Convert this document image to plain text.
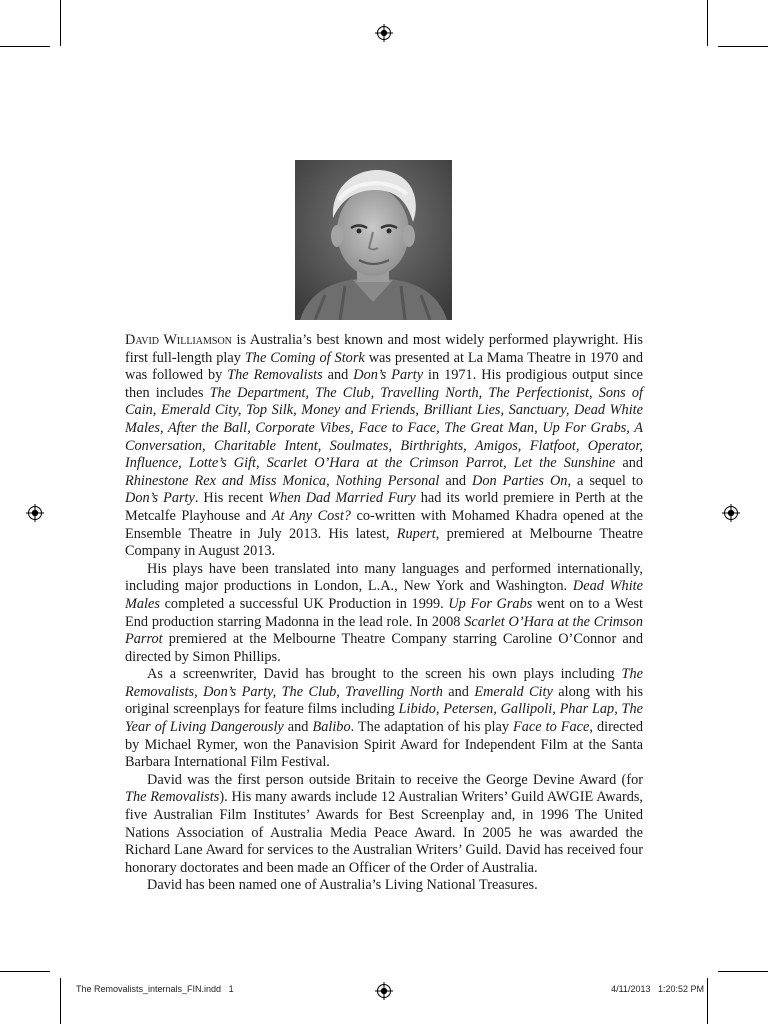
David Williamson is Australia’s best known and most widely performed playwright. His first full-length play The Coming of Stork was presented at La Mama Theatre in 1970 and was followed by The Removalists and Don’s Party in 1971. His prodigious output since then includes The Department, The Club, Travelling North, The Perfectionist, Sons of Cain, Emerald City, Top Silk, Money and Friends, Brilliant Lies, Sanctuary, Dead White Males, After the Ball, Corporate Vibes, Face to Face, The Great Man, Up For Grabs, A Conversation, Charitable Intent, Soulmates, Birthrights, Amigos, Flatfoot, Operator, Influence, Lotte’s Gift, Scarlet O’Hara at the Crimson Parrot, Let the Sunshine and Rhinestone Rex and Miss Monica, Nothing Personal and Don Parties On, a sequel to Don’s Party. His recent When Dad Married Fury had its world premiere in Perth at the Metcalfe Playhouse and At Any Cost? co-written with Mohamed Khadra opened at the Ensemble Theatre in July 2013. His latest, Rupert, premiered at Melbourne Theatre Company in August 2013.

His plays have been translated into many languages and performed internationally, including major productions in London, L.A., New York and Washington. Dead White Males completed a successful UK Production in 1999. Up For Grabs went on to a West End production starring Madonna in the lead role. In 2008 Scarlet O’Hara at the Crimson Parrot premiered at the Melbourne Theatre Company starring Caroline O’Connor and directed by Simon Phillips.

As a screenwriter, David has brought to the screen his own plays including The Removalists, Don’s Party, The Club, Travelling North and Emerald City along with his original screenplays for feature films including Libido, Petersen, Gallipoli, Phar Lap, The Year of Living Dangerously and Balibo. The adaptation of his play Face to Face, directed by Michael Rymer, won the Panavision Spirit Award for Independent Film at the Santa Barbara International Film Festival.

David was the first person outside Britain to receive the George Devine Award (for The Removalists). His many awards include 12 Australian Writers’ Guild AWGIE Awards, five Australian Film Institutes’ Awards for Best Screenplay and, in 1996 The United Nations Association of Australia Media Peace Award. In 2005 he was awarded the Richard Lane Award for services to the Australian Writers’ Guild. David has received four honorary doctorates and been made an Officer of the Order of Australia.

David has been named one of Australia’s Living National Treasures.

The Removalists_internals_FIN.indd   1	4/11/2013   1:20:52 PM
